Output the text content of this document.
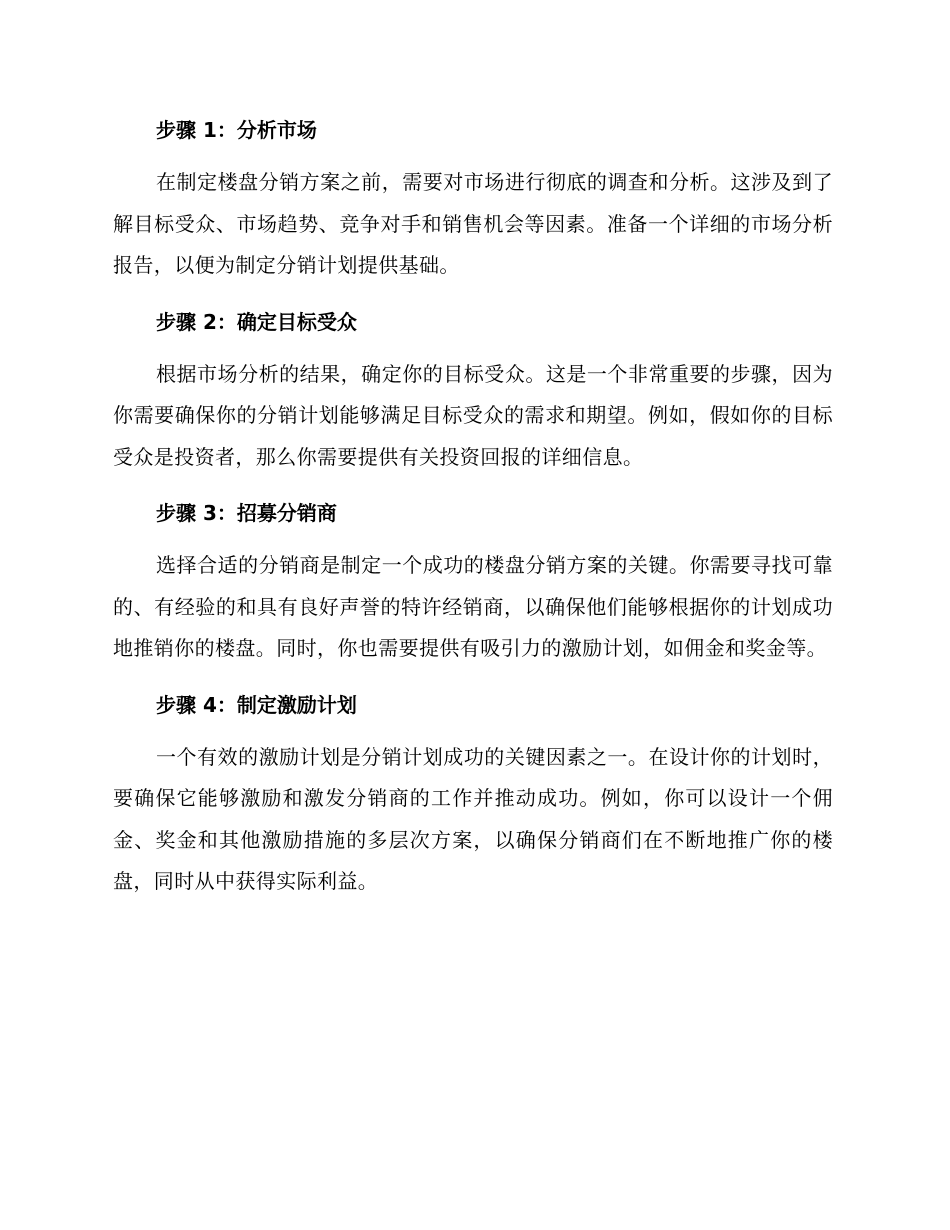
步骤 1：分析市场

在制定楼盘分销方案之前，需要对市场进行彻底的调查和分析。这涉及到了解目标受众、市场趋势、竞争对手和销售机会等因素。准备一个详细的市场分析报告，以便为制定分销计划提供基础。

步骤 2：确定目标受众

根据市场分析的结果，确定你的目标受众。这是一个非常重要的步骤，因为你需要确保你的分销计划能够满足目标受众的需求和期望。例如，假如你的目标受众是投资者，那么你需要提供有关投资回报的详细信息。

步骤 3：招募分销商

选择合适的分销商是制定一个成功的楼盘分销方案的关键。你需要寻找可靠的、有经验的和具有良好声誉的特许经销商，以确保他们能够根据你的计划成功地推销你的楼盘。同时，你也需要提供有吸引力的激励计划，如佣金和奖金等。

步骤 4：制定激励计划

一个有效的激励计划是分销计划成功的关键因素之一。在设计你的计划时，要确保它能够激励和激发分销商的工作并推动成功。例如，你可以设计一个佣金、奖金和其他激励措施的多层次方案，以确保分销商们在不断地推广你的楼盘，同时从中获得实际利益。
